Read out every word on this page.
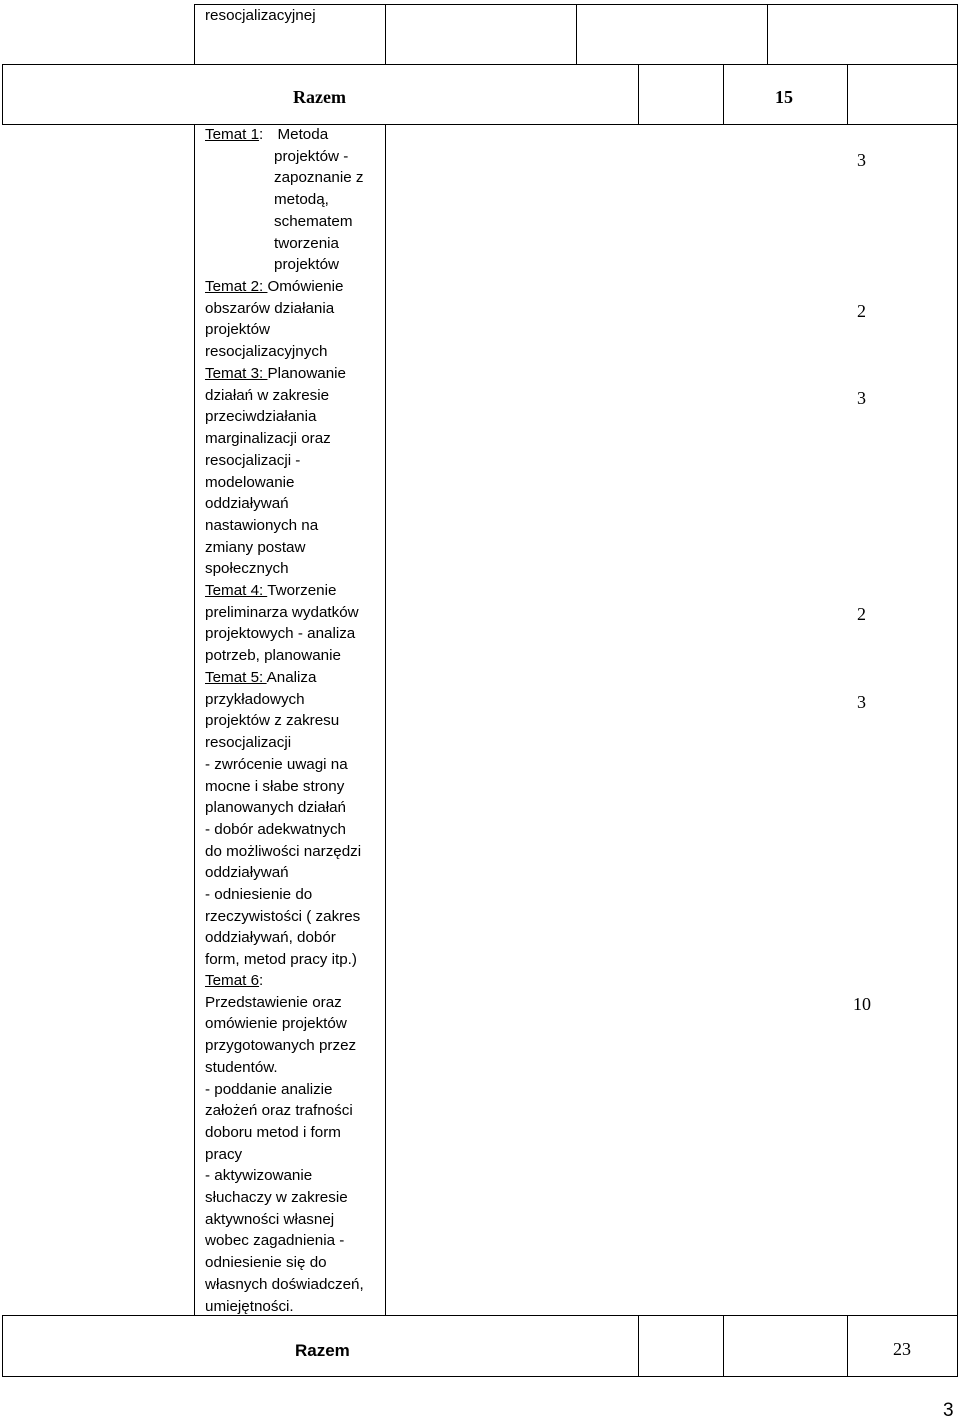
resocjalizacyjnej
Razem	15
Temat 1: Metoda
projektów -
zapoznanie z
metodą,
schematem
tworzenia
projektów
Temat 2: Omówienie
obszarów działania
projektów
resocjalizacyjnych
Temat 3: Planowanie
działań w zakresie
przeciwdziałania
marginalizacji oraz
resocjalizacji -
modelowanie
oddziaływań
nastawionych na
zmiany postaw
społecznych
Temat 4: Tworzenie
preliminarza wydatków
projektowych - analiza
potrzeb, planowanie
Temat 5: Analiza
przykładowych
projektów z zakresu
resocjalizacji
- zwrócenie uwagi na
mocne i słabe strony
planowanych działań
- dobór adekwatnych
do możliwości narzędzi
oddziaływań
- odniesienie do
rzeczywistości ( zakres
oddziaływań, dobór
form, metod pracy itp.)
Temat 6:
Przedstawienie oraz
omówienie projektów
przygotowanych przez
studentów.
- poddanie analizie
założeń oraz trafności
doboru metod i form
pracy
- aktywizowanie
słuchaczy w zakresie
aktywności własnej
wobec zagadnienia -
odniesienie się do
własnych doświadczeń,
umiejętności.
3
2
3
2
3
10
Razem	23
3
